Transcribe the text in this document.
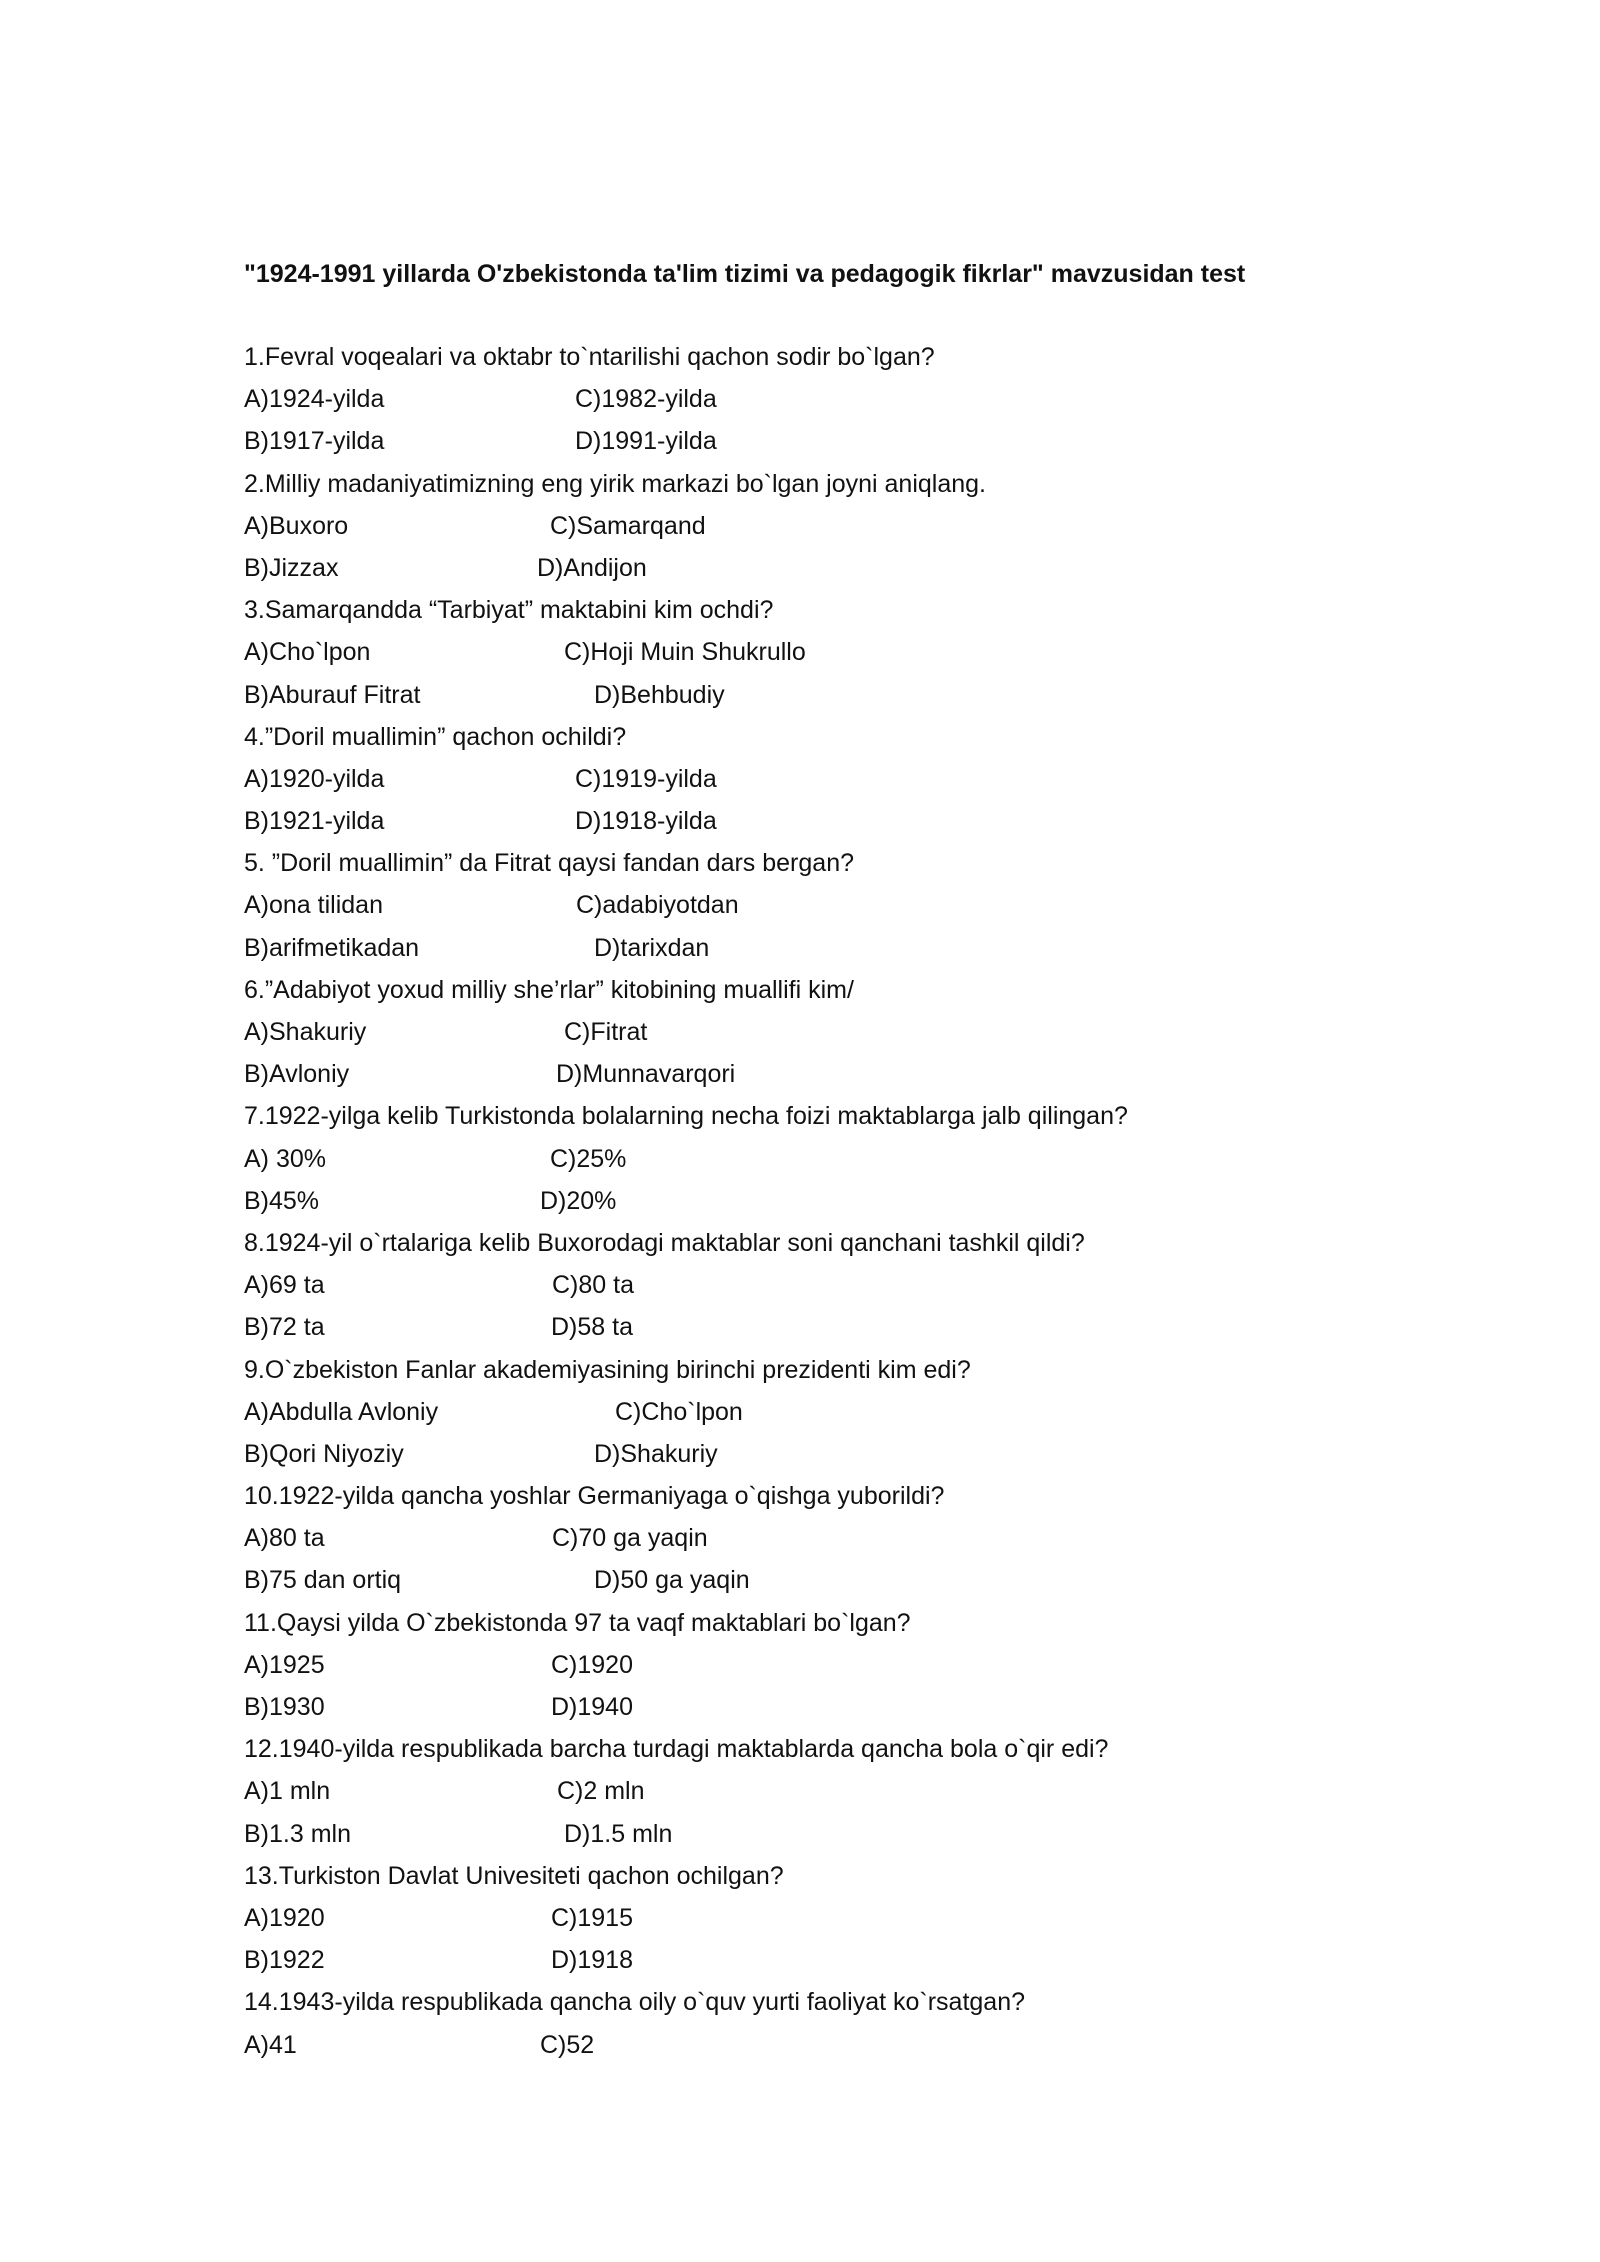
"1924-1991 yillarda O'zbekistonda ta'lim tizimi va pedagogik fikrlar" mavzusidan test
1.Fevral voqealari va oktabr to`ntarilishi qachon sodir bo`lgan?
A)1924-yilda	C)1982-yilda
B)1917-yilda	D)1991-yilda
2.Milliy madaniyatimizning eng yirik markazi bo`lgan joyni aniqlang.
A)Buxoro	C)Samarqand
B)Jizzax	D)Andijon
3.Samarqandda “Tarbiyat” maktabini kim ochdi?
A)Cho`lpon	C)Hoji Muin Shukrullo
B)Aburauf Fitrat	D)Behbudiy
4.”Doril muallimin” qachon ochildi?
A)1920-yilda	C)1919-yilda
B)1921-yilda	D)1918-yilda
5. ”Doril muallimin” da Fitrat qaysi fandan dars bergan?
A)ona tilidan	C)adabiyotdan
B)arifmetikadan	D)tarixdan
6.”Adabiyot yoxud milliy she’rlar” kitobining muallifi kim/
A)Shakuriy	C)Fitrat
B)Avloniy	D)Munnavarqori
7.1922-yilga kelib Turkistonda bolalarning necha foizi maktablarga jalb qilingan?
A) 30%	C)25%
B)45%	D)20%
8.1924-yil o`rtalariga kelib Buxorodagi maktablar soni qanchani tashkil qildi?
A)69 ta	C)80 ta
B)72 ta	D)58 ta
9.O`zbekiston Fanlar akademiyasining birinchi prezidenti kim edi?
A)Abdulla Avloniy	C)Cho`lpon
B)Qori Niyoziy	D)Shakuriy
10.1922-yilda qancha yoshlar Germaniyaga o`qishga yuborildi?
A)80 ta	C)70 ga yaqin
B)75 dan ortiq	D)50 ga yaqin
11.Qaysi yilda O`zbekistonda 97 ta vaqf maktablari bo`lgan?
A)1925	C)1920
B)1930	D)1940
12.1940-yilda respublikada barcha turdagi maktablarda qancha bola o`qir edi?
A)1 mln	C)2 mln
B)1.3 mln	D)1.5 mln
13.Turkiston Davlat Univesiteti qachon ochilgan?
A)1920	C)1915
B)1922	D)1918
14.1943-yilda respublikada qancha oily o`quv yurti faoliyat ko`rsatgan?
A)41	C)52
